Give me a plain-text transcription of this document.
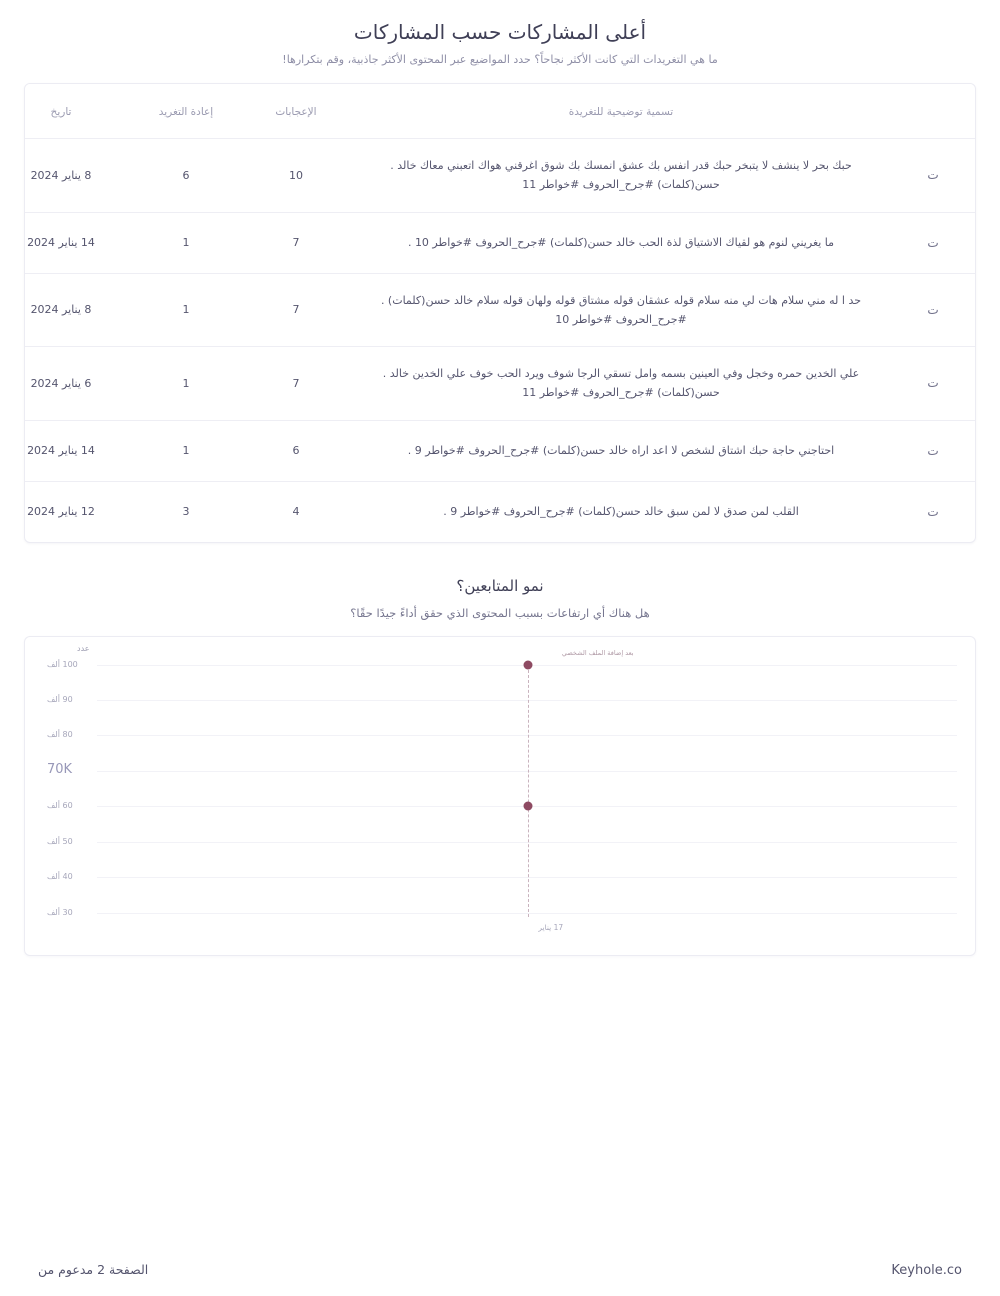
أعلى المشاركات حسب المشاركات

ما هي التغريدات التي كانت الأكثر نجاحاً؟ حدد المواضيع عبر المحتوى الأكثر جاذبية، وقم بتكرارها!

	تسمية توضيحية للتغريدة	الإعجابات	إعادة التغريد	تاريخ

ت	حبك بحر لا ينشف لا يتبخر حبك قدر انفس بك عشق انمسك بك شوق اغرقني هواك اتعبني معاك خالد . حسن(كلمات) #جرح_الحروف #خواطر 11	10	6	8 يناير 2024

ت	ما يغريني لنوم هو لقياك الاشتياق لذة الحب خالد حسن(كلمات) #جرح_الحروف #خواطر 10 .	7	1	14 يناير 2024

ت	حد ا له مني سلام هات لي منه سلام قوله عشقان قوله مشتاق قوله ولهان قوله سلام خالد حسن(كلمات) . #جرح_الحروف #خواطر 10	7	1	8 يناير 2024

ت	علي الخدين حمره وخجل وفي العينين بسمه وامل تسقي الرجا شوف ويرد الحب خوف علي الخدين خالد . حسن(كلمات) #جرح_الحروف #خواطر 11	7	1	6 يناير 2024

ت	احتاجني حاجة حبك اشتاق لشخص لا اعد اراه خالد حسن(كلمات) #جرح_الحروف #خواطر 9 .	6	1	14 يناير 2024

ت	القلب لمن صدق لا لمن سبق خالد حسن(كلمات) #جرح_الحروف #خواطر 9 .	4	3	12 يناير 2024
نمو المتابعين؟

هل هناك أي ارتفاعات بسبب المحتوى الذي حقق أداءً جيدًا حقًا؟

عدد
100 ألف
90 ألف
80 ألف
70K
60 ألف
50 ألف
40 ألف
30 ألف
بعد إضافة الملف الشخصي
17 يناير
الصفحة 2 مدعوم من	Keyhole.co
